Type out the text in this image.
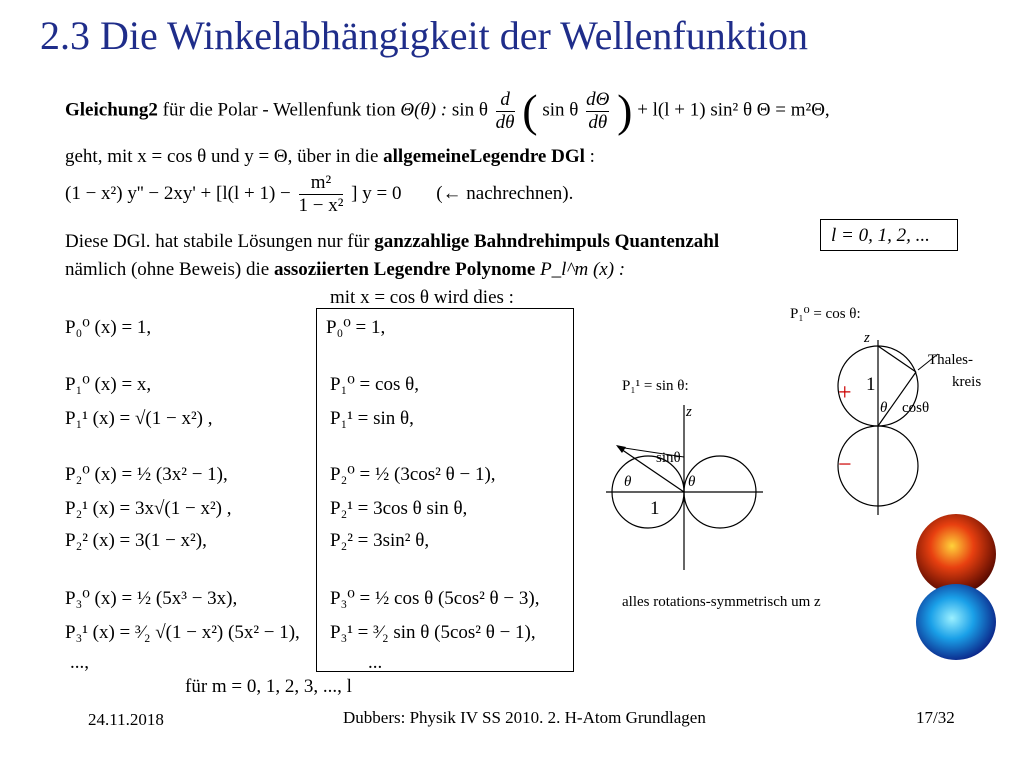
2.3 Die Winkelabhängigkeit der Wellenfunktion
Gleichung2 für die Polar - Wellenfunk tion Θ(θ) : sin θ $\frac{d}{d\theta}$ ( sin θ $\frac{d\Theta}{d\theta}$ ) + l(l + 1) sin² θ Θ = m²Θ,
geht, mit x = cos θ und y = Θ, über in die allgemeineLegendre DGl :
(1 − x²) $y'' - 2xy' + [l(l + 1) - \frac{\text{m²}}{\text{1 − x²}}$ ] y = 0 (← nachrechnen).
Diese DGl. hat stabile Lösungen nur für ganzzahlige Bahndrehimpuls Quantenzahl	l = 0, 1, 2, ...
nämlich (ohne Beweis) die assoziierten Legendre Polynome P_l^m (x) :
mit x = cos θ wird dies :
P₀⁰ (x) = 1,
P₁⁰ (x) = x,
P₁¹ (x) = √(1 − x²) ,
P₂⁰ (x) = ½ (3x² − 1),
P₂¹ (x) = 3x√(1 − x²) ,
P₂² (x) = 3(1 − x²),
P₃⁰ (x) = ½ (5x³ − 3x),
P₃¹ (x) = ³⁄₂ √(1 − x²) (5x² − 1),
...,
P₀⁰ = 1,
P₁⁰ = cos θ,
P₁¹ = sin θ,
P₂⁰ = ½ (3cos² θ − 1),
P₂¹ = 3cos θ sin θ,
P₂² = 3sin² θ,
P₃⁰ = ½ cos θ (5cos² θ − 3),
P₃¹ = ³⁄₂ sin θ (5cos² θ − 1),
...
für m = 0, 1, 2, 3, ..., l
P₁¹ = sin θ:
z
sinθ
θ	θ
1
P₁⁰ = cos θ:
z
Thales-
kreis
+
−
1
θ cosθ
alles rotations-symmetrisch um z
24.11.2018	Dubbers: Physik IV SS 2010. 2. H-Atom Grundlagen	17/32
